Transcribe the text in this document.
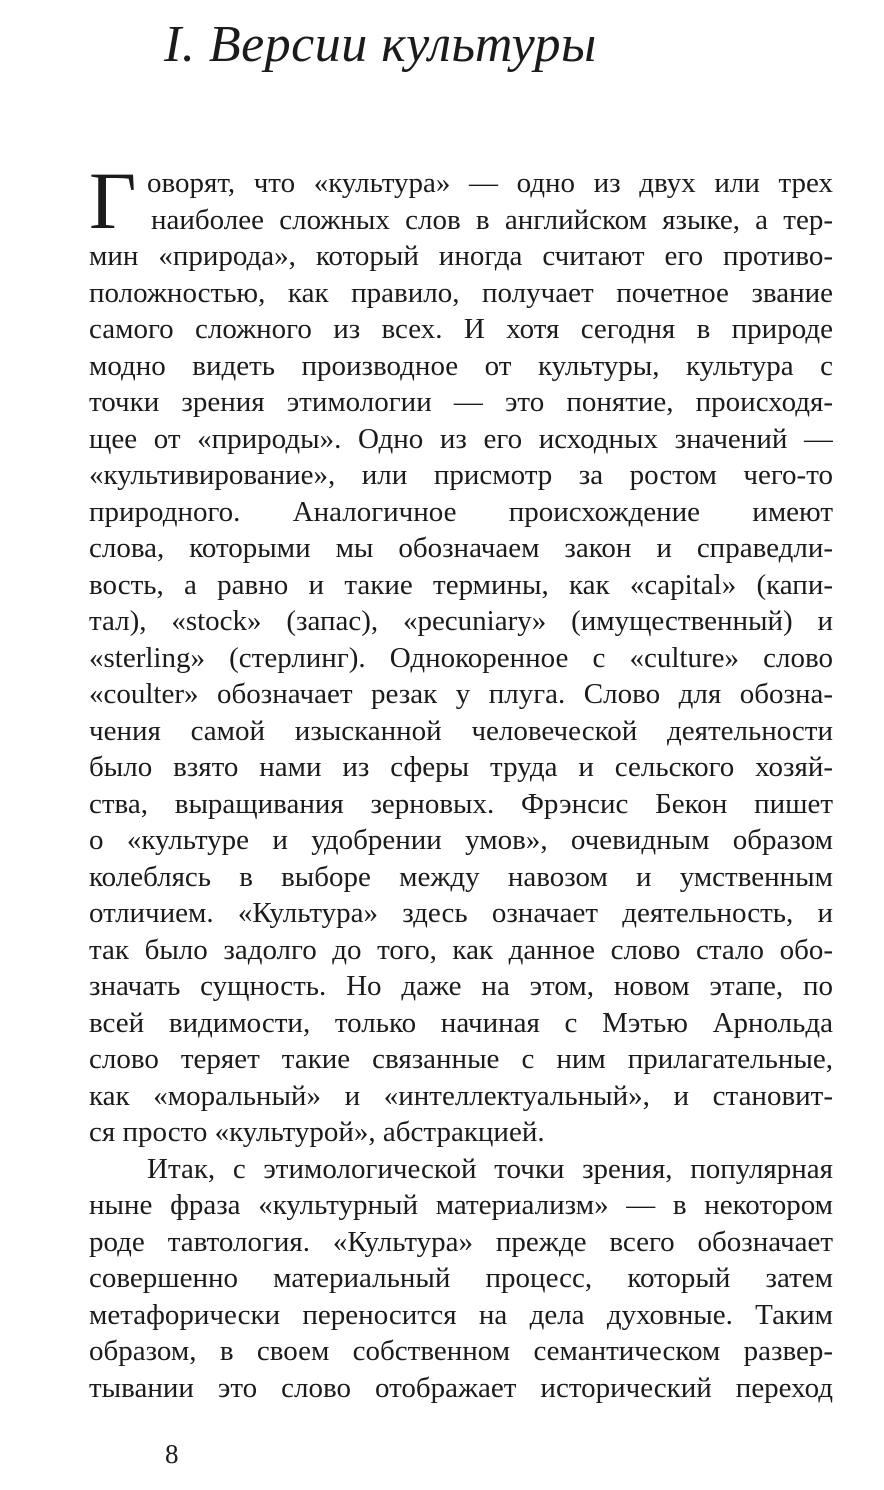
I. Версии культуры
Г оворят, что «культура» — одно из двух или трех
наиболее сложных слов в английском языке, а тер-
мин «природа», который иногда считают его противо-
положностью, как правило, получает почетное звание
самого сложного из всех. И хотя сегодня в природе
модно видеть производное от культуры, культура с
точки зрения этимологии — это понятие, происходя-
щее от «природы». Одно из его исходных значений —
«культивирование», или присмотр за ростом чего-то
природного. Аналогичное происхождение имеют
слова, которыми мы обозначаем закон и справедли-
вость, а равно и такие термины, как «capital» (капи-
тал), «stock» (запас), «pecuniary» (имущественный) и
«sterling» (стерлинг). Однокоренное с «culture» слово
«coulter» обозначает резак у плуга. Слово для обозна-
чения самой изысканной человеческой деятельности
было взято нами из сферы труда и сельского хозяй-
ства, выращивания зерновых. Фрэнсис Бекон пишет
о «культуре и удобрении умов», очевидным образом
колеблясь в выборе между навозом и умственным
отличием. «Культура» здесь означает деятельность, и
так было задолго до того, как данное слово стало обо-
значать сущность. Но даже на этом, новом этапе, по
всей видимости, только начиная с Мэтью Арнольда
слово теряет такие связанные с ним прилагательные,
как «моральный» и «интеллектуальный», и становит-
ся просто «культурой», абстракцией.
Итак, с этимологической точки зрения, популярная
ныне фраза «культурный материализм» — в некотором
роде тавтология. «Культура» прежде всего обозначает
совершенно материальный процесс, который затем
метафорически переносится на дела духовные. Таким
образом, в своем собственном семантическом развер-
тывании это слово отображает исторический переход
8
